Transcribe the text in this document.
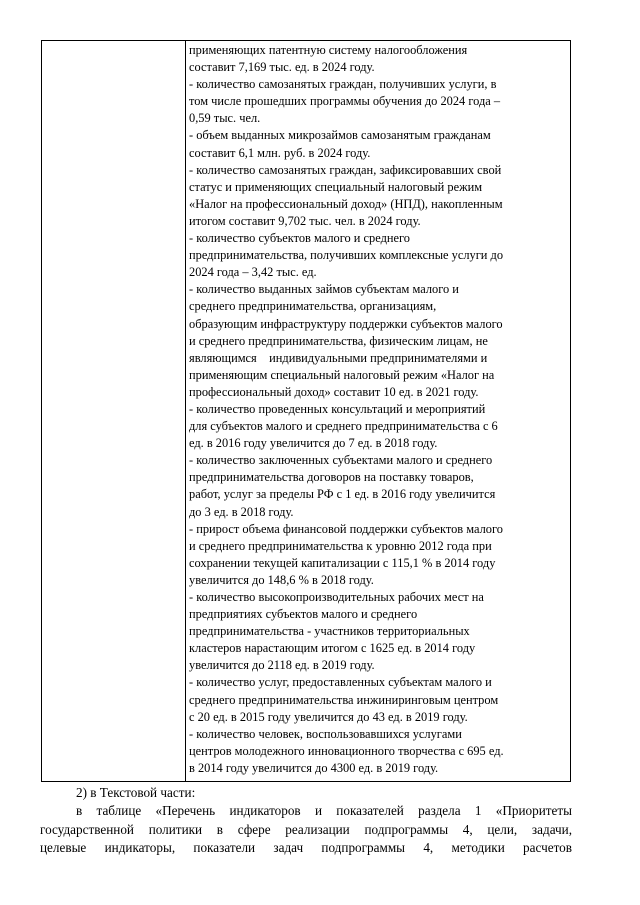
применяющих патентную систему налогообложения
составит 7,169 тыс. ед. в 2024 году.
- количество самозанятых граждан, получивших услуги, в
том числе прошедших программы обучения до 2024 года –
0,59 тыс. чел.
- объем выданных микрозаймов самозанятым гражданам
составит 6,1 млн. руб. в 2024 году.
- количество самозанятых граждан, зафиксировавших свой
статус и применяющих специальный налоговый режим
«Налог на профессиональный доход» (НПД), накопленным
итогом составит 9,702 тыс. чел. в 2024 году.
- количество субъектов малого и среднего
предпринимательства, получивших комплексные услуги до
2024 года – 3,42 тыс. ед.
- количество выданных займов субъектам малого и
среднего предпринимательства, организациям,
образующим инфраструктуру поддержки субъектов малого
и среднего предпринимательства, физическим лицам, не
являющимся    индивидуальными предпринимателями и
применяющим специальный налоговый режим «Налог на
профессиональный доход» составит 10 ед. в 2021 году.
- количество проведенных консультаций и мероприятий
для субъектов малого и среднего предпринимательства с 6
ед. в 2016 году увеличится до 7 ед. в 2018 году.
- количество заключенных субъектами малого и среднего
предпринимательства договоров на поставку товаров,
работ, услуг за пределы РФ с 1 ед. в 2016 году увеличится
до 3 ед. в 2018 году.
- прирост объема финансовой поддержки субъектов малого
и среднего предпринимательства к уровню 2012 года при
сохранении текущей капитализации с 115,1 % в 2014 году
увеличится до 148,6 % в 2018 году.
- количество высокопроизводительных рабочих мест на
предприятиях субъектов малого и среднего
предпринимательства - участников территориальных
кластеров нарастающим итогом с 1625 ед. в 2014 году
увеличится до 2118 ед. в 2019 году.
- количество услуг, предоставленных субъектам малого и
среднего предпринимательства инжиниринговым центром
с 20 ед. в 2015 году увеличится до 43 ед. в 2019 году.
- количество человек, воспользовавшихся услугами
центров молодежного инновационного творчества с 695 ед.
в 2014 году увеличится до 4300 ед. в 2019 году.
2) в Текстовой части:
в таблице «Перечень индикаторов и показателей раздела 1 «Приоритеты
государственной политики в сфере реализации подпрограммы 4, цели, задачи,
целевые индикаторы, показатели задач подпрограммы 4, методики расчетов
